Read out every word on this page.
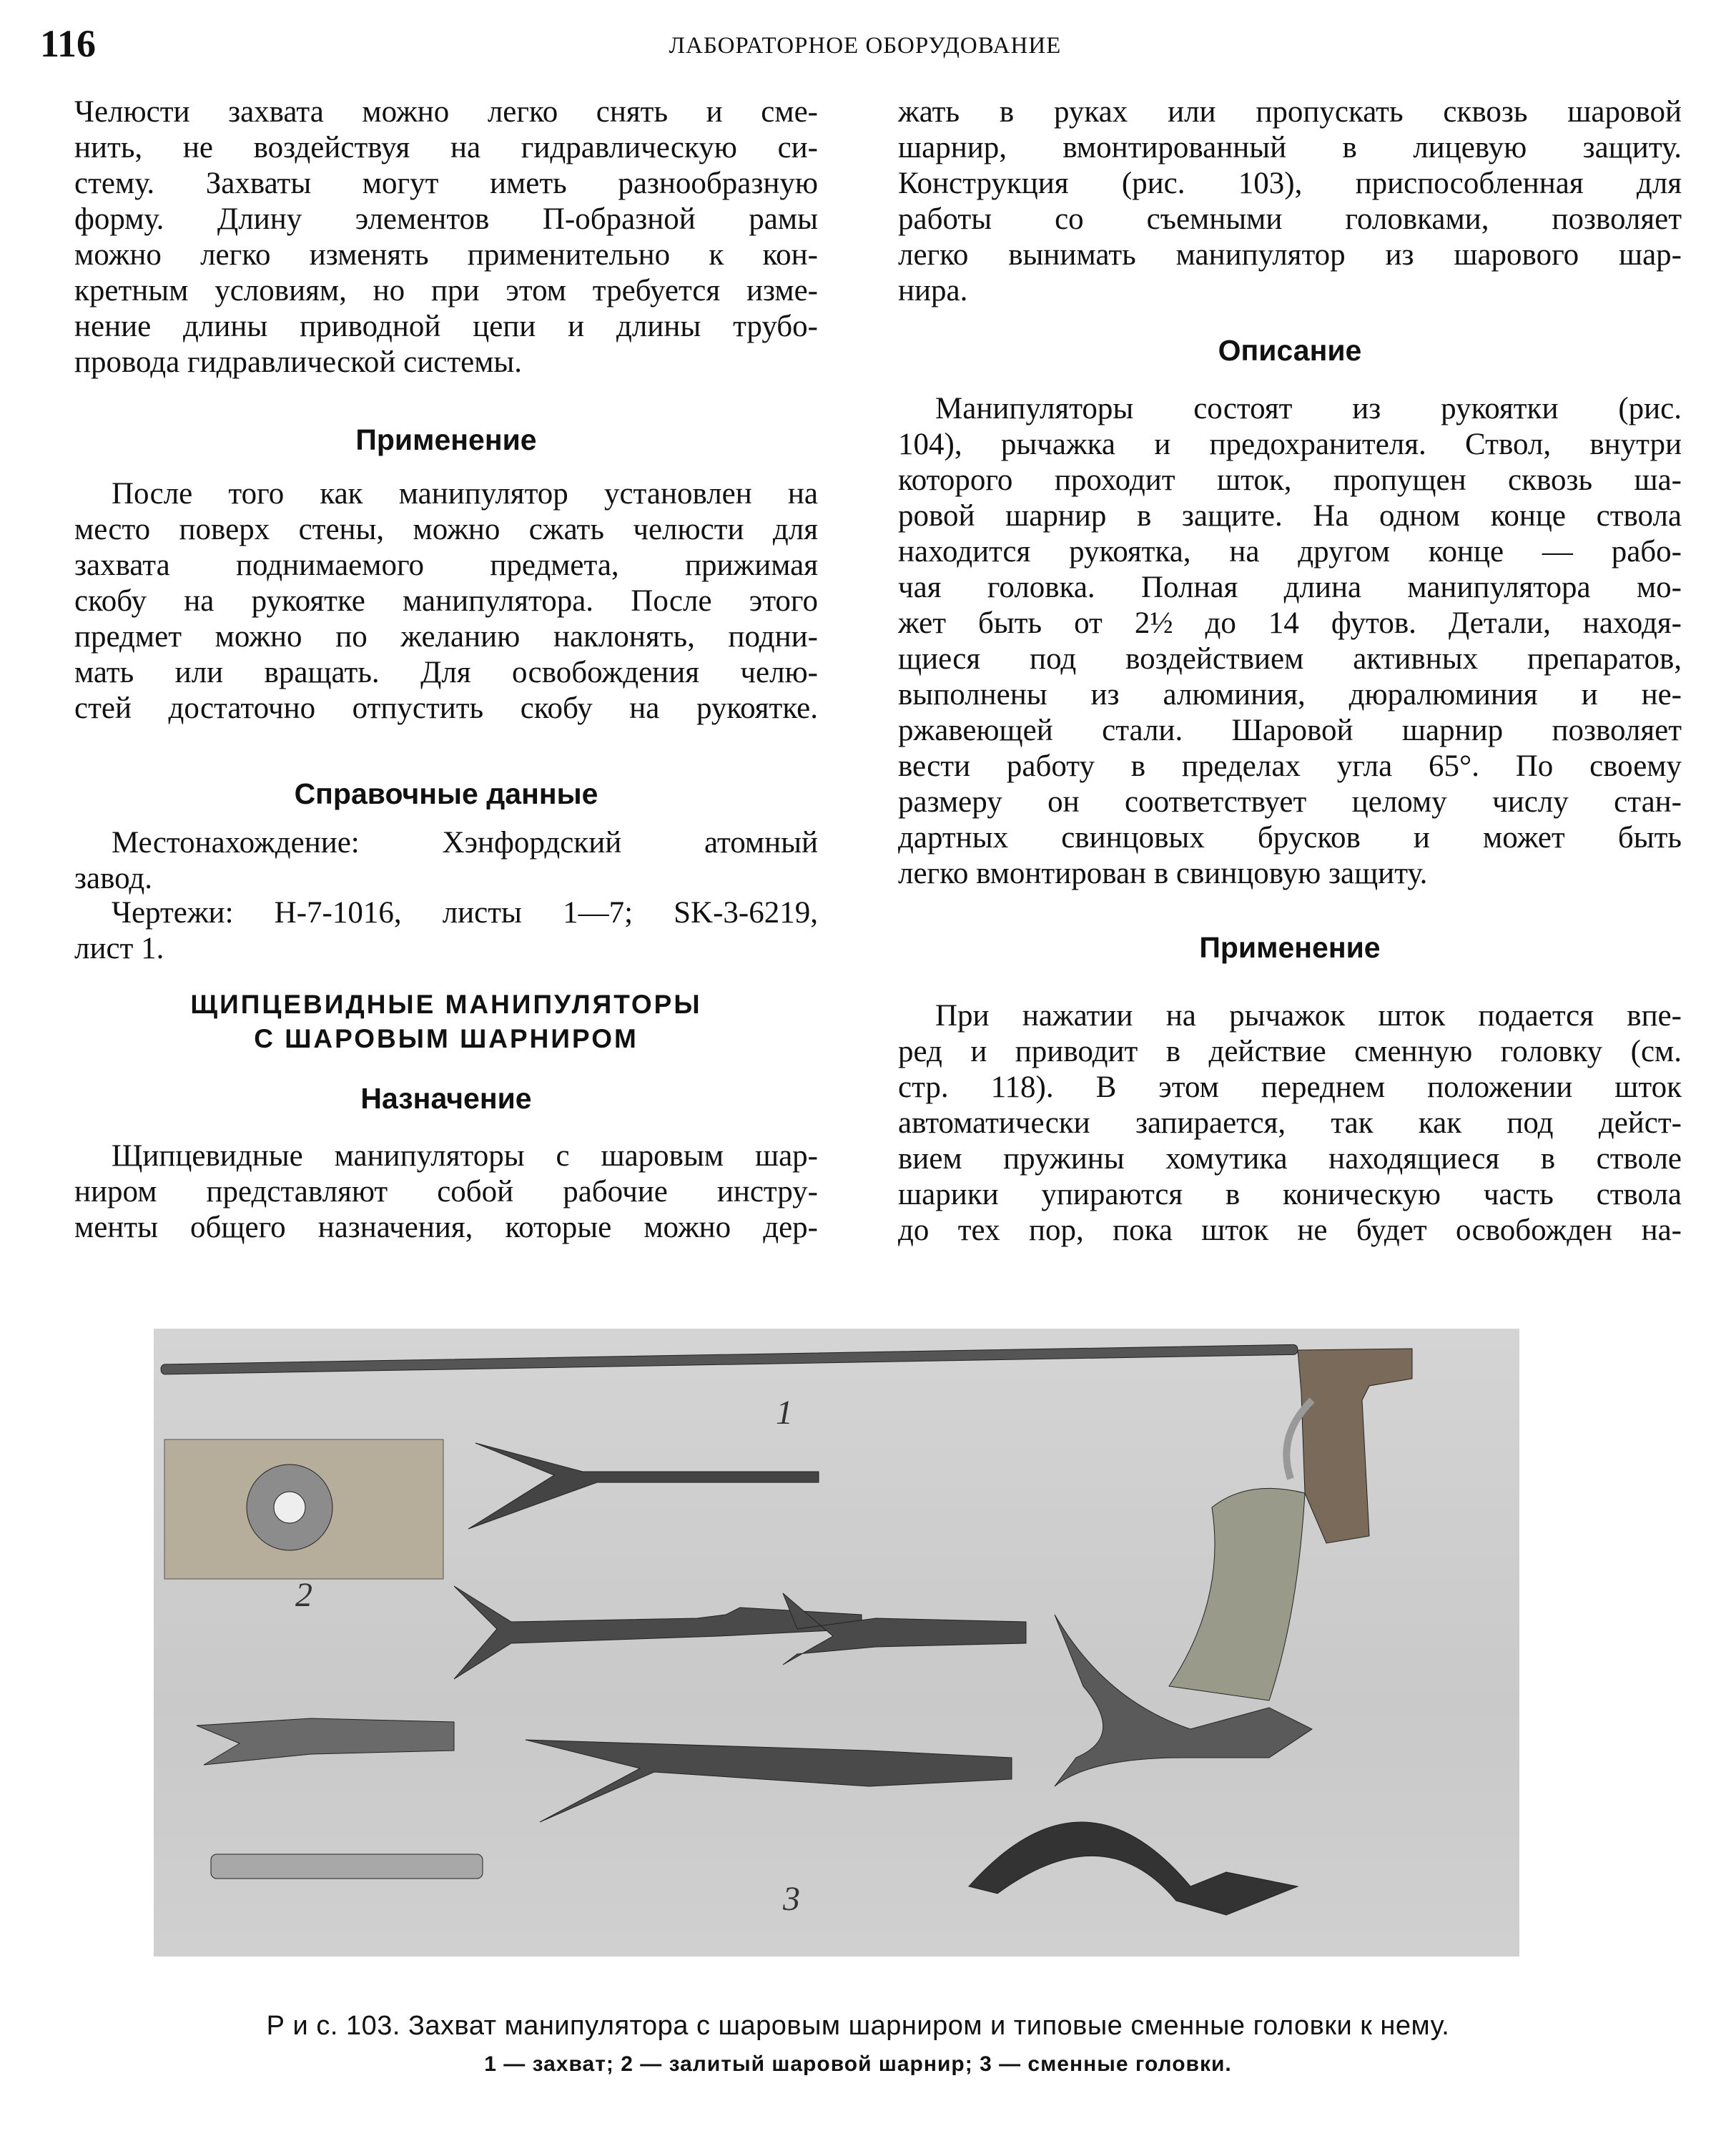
116	ЛАБОРАТОРНОЕ ОБОРУДОВАНИЕ
Челюсти захвата можно легко снять и сме-
нить, не воздействуя на гидравлическую си-
стему. Захваты могут иметь разнообразную
форму. Длину элементов П-образной рамы
можно легко изменять применительно к кон-
кретным условиям, но при этом требуется изме-
нение длины приводной цепи и длины трубо-
провода гидравлической системы.
Применение
После того как манипулятор установлен на
место поверх стены, можно сжать челюсти для
захвата поднимаемого предмета, прижимая
скобу на рукоятке манипулятора. После этого
предмет можно по желанию наклонять, подни-
мать или вращать. Для освобождения челю-
стей достаточно отпустить скобу на рукоятке.
Справочные данные
Местонахождение: Хэнфордский атомный
завод.
Чертежи: Н-7-1016, листы 1—7; SK-3-6219,
лист 1.
ЩИПЦЕВИДНЫЕ МАНИПУЛЯТОРЫ
С ШАРОВЫМ ШАРНИРОМ
Назначение
Щипцевидные манипуляторы с шаровым шар-
ниром представляют собой рабочие инстру-
менты общего назначения, которые можно дер-
жать в руках или пропускать сквозь шаровой
шарнир, вмонтированный в лицевую защиту.
Конструкция (рис. 103), приспособленная для
работы со съемными головками, позволяет
легко вынимать манипулятор из шарового шар-
нира.
Описание
Манипуляторы состоят из рукоятки (рис.
104), рычажка и предохранителя. Ствол, внутри
которого проходит шток, пропущен сквозь ша-
ровой шарнир в защите. На одном конце ствола
находится рукоятка, на другом конце — рабо-
чая головка. Полная длина манипулятора мо-
жет быть от 2½ до 14 футов. Детали, находя-
щиеся под воздействием активных препаратов,
выполнены из алюминия, дюралюминия и не-
ржавеющей стали. Шаровой шарнир позволяет
вести работу в пределах угла 65°. По своему
размеру он соответствует целому числу стан-
дартных свинцовых брусков и может быть
легко вмонтирован в свинцовую защиту.
Применение
При нажатии на рычажок шток подается впе-
ред и приводит в действие сменную головку (см.
стр. 118). В этом переднем положении шток
автоматически запирается, так как под дейст-
вием пружины хомутика находящиеся в стволе
шарики упираются в коническую часть ствола
до тех пор, пока шток не будет освобожден на-
1
2
3
Р и с. 103. Захват манипулятора с шаровым шарниром и типовые сменные головки к нему.
1 — захват; 2 — залитый шаровой шарнир; 3 — сменные головки.
